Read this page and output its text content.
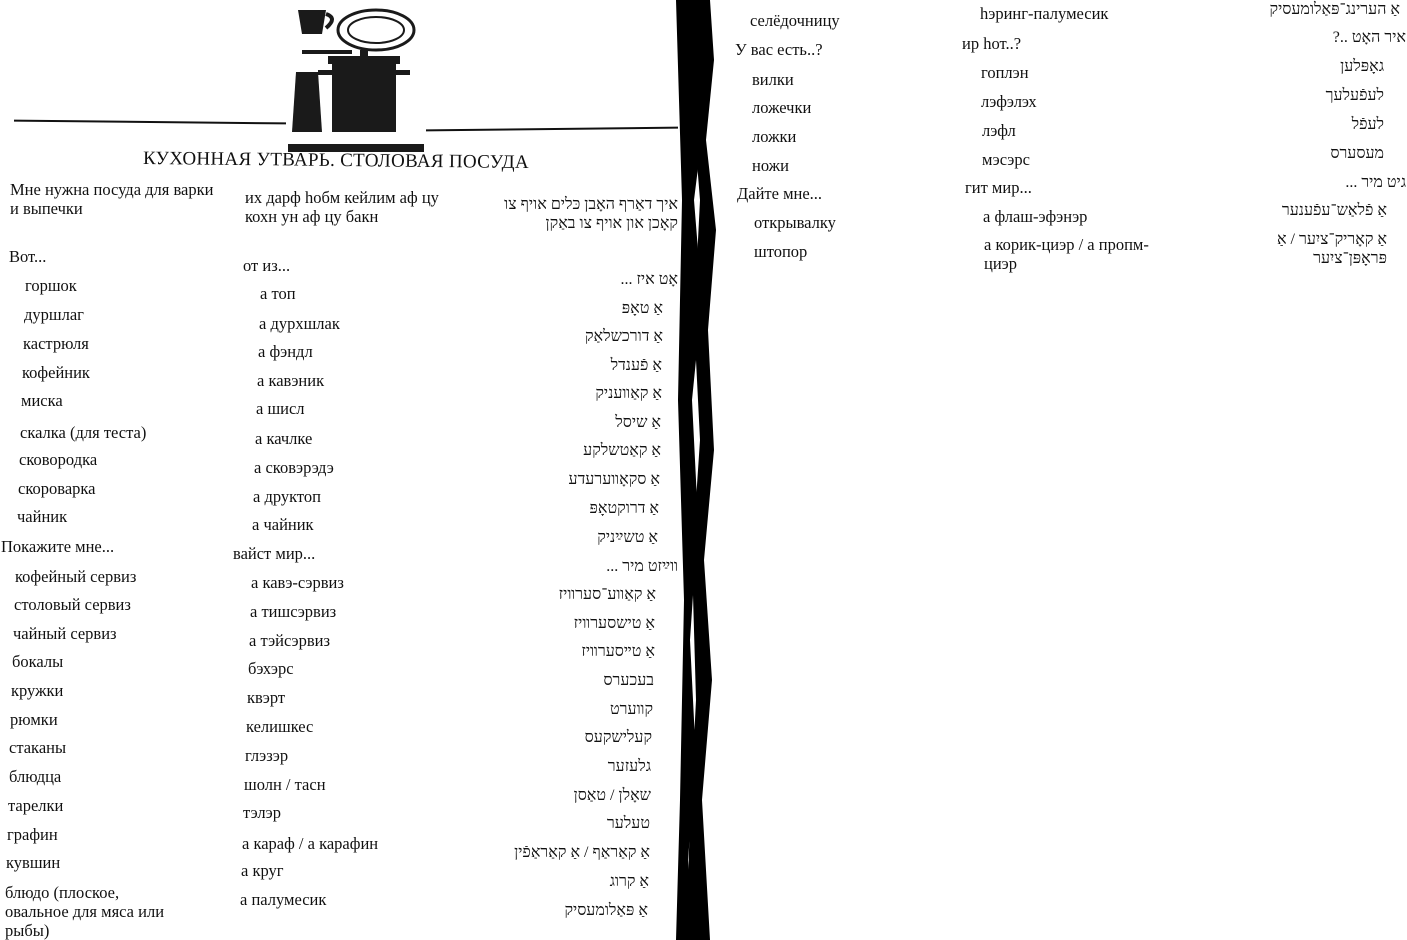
КУХОННАЯ УТВАРЬ. СТОЛОВАЯ ПОСУДА
Мне нужна посуда для варки и выпечки
Вот...
горшок
дуршлаг
кастрюля
кофейник
миска
скалка (для теста)
сковородка
скороварка
чайник
Покажите мне...
кофейный сервиз
столовый сервиз
чайный сервиз
бокалы
кружки
рюмки
стаканы
блюдца
тарелки
графин
кувшин
блюдо (плоское, овальное для мяса или рыбы)
их дарф hобм кейлим аф цу кохн ун аф цу бакн
от из...
а топ
а дурхшлак
а фэндл
а кавэник
а шисл
а качлке
а сковэрэдэ
а друктоп
а чайник
вайст мир...
а кавэ-сэрвиз
а тишсэрвиз
а тэйсэрвиз
бэхэрс
квэрт
келишкес
глэзэр
шолн / тасн
тэлэр
а караф / а карафин
а круг
а палумесик
איך דאַרף האָבן כּלים אויף צו קאָכן און אויף צו באַקן
אָט איז ...
אַ טאָפּ
אַ דורכשלאַק
אַ פֿענדל
אַ קאַװעניק
אַ שיסל
אַ קאַטשלקע
אַ סקאָװערעדע
אַ דרוקטאָפּ
אַ טשײַניק
װײַזט מיר ...
אַ קאַװע־סערװיז
אַ טישסערװיז
אַ טײסערװיז
בעכערס
קװערט
קעלישקעס
גלעזער
שאָלן / טאַסן
טעלער
אַ קאַראַף / אַ קאַראַפֿין
אַ קרוג
אַ פּאַלומעסיק
селёдочницу
У вас есть..?
вилки
ложечки
ложки
ножи
Дайте мне...
открывалку
штопор
hэринг-палумесик
ир hот..?
гоплэн
лэфэлэх
лэфл
мэсэрс
гит мир...
а флаш-эфэнэр
а корик-циэр / а пропм-циэр
אַ הערינג־פּאַלומעסיק
איר האָט ..?
גאָפּלען
לעפֿעלעך
לעפֿל
מעסערס
גיט מיר ...
אַ פֿלאַש־עפֿענער
אַ קאָריק־ציִער / אַ פּראָפּן־ציִער
